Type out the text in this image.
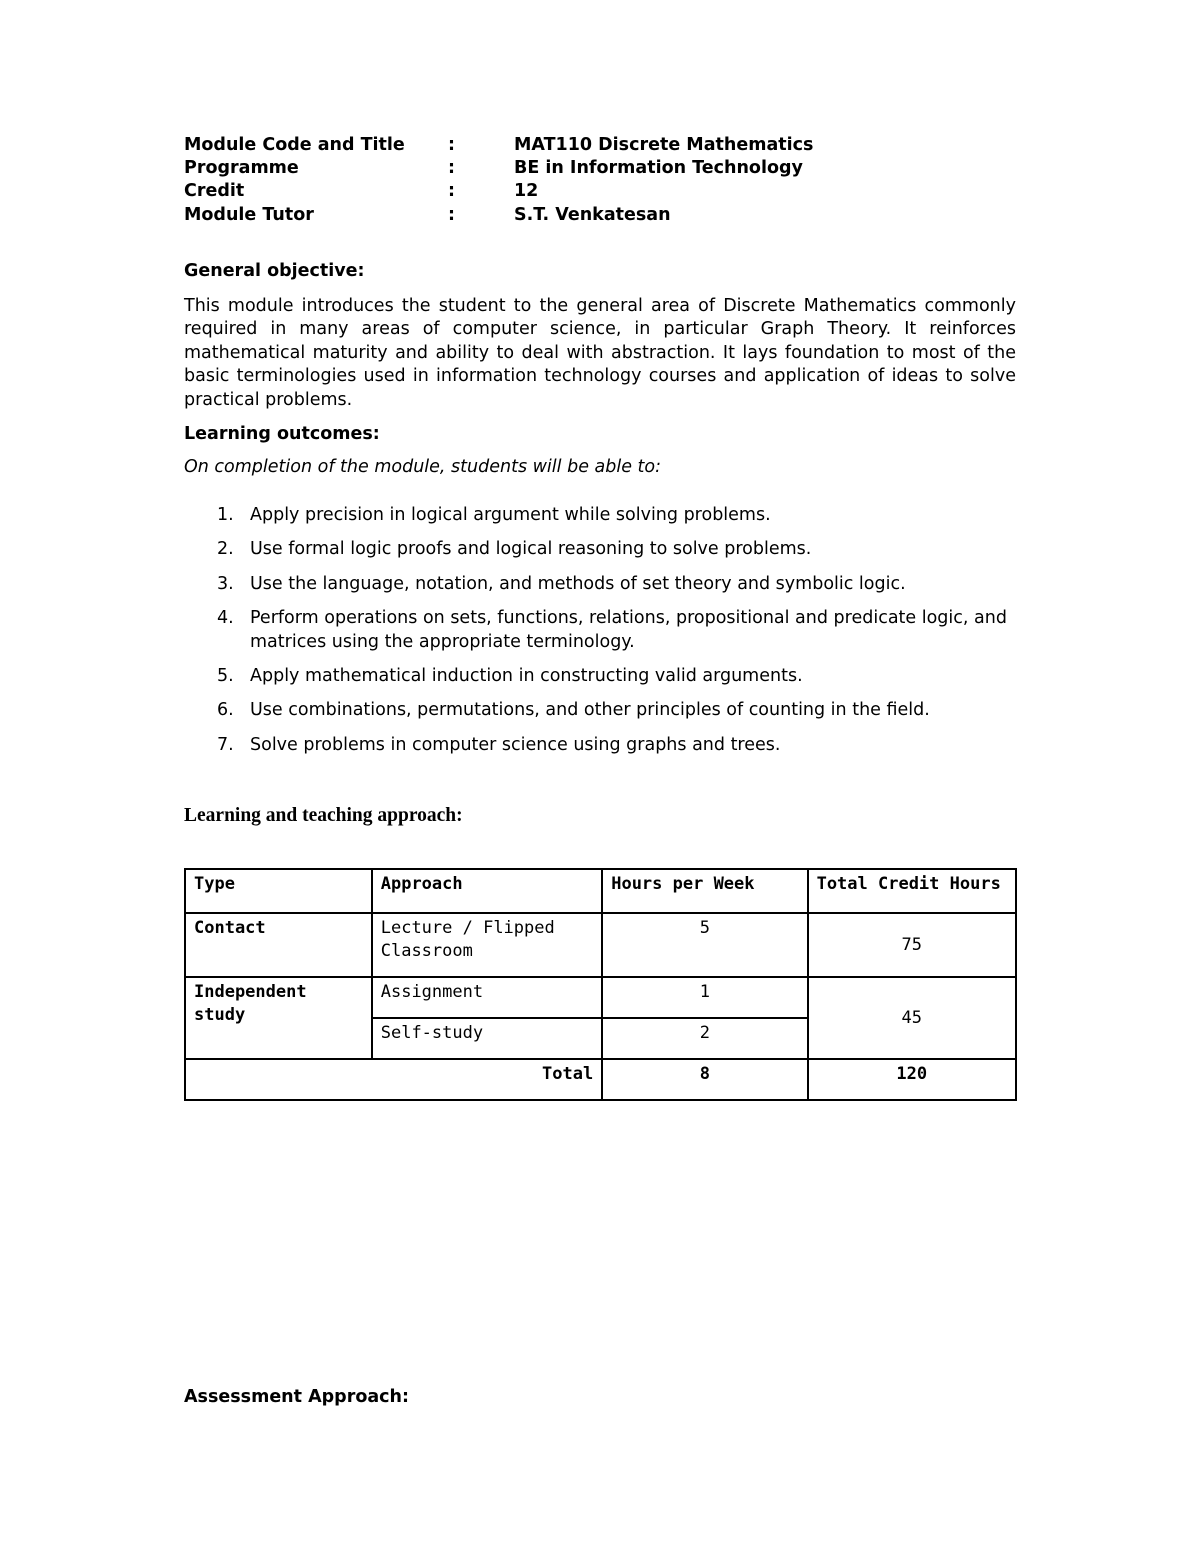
Module Code and Title :	MAT110 Discrete Mathematics
Programme	:	BE in Information Technology
Credit	:	12
Module Tutor	:	S.T. Venkatesan
General objective:
This module introduces the student to the general area of Discrete Mathematics commonly required in many areas of computer science, in particular Graph Theory. It reinforces mathematical maturity and ability to deal with abstraction. It lays foundation to most of the basic terminologies used in information technology courses and application of ideas to solve practical problems.
Learning outcomes:
On completion of the module, students will be able to:
1. Apply precision in logical argument while solving problems.
2. Use formal logic proofs and logical reasoning to solve problems.
3. Use the language, notation, and methods of set theory and symbolic logic.
4. Perform operations on sets, functions, relations, propositional and predicate logic, and matrices using the appropriate terminology.
5. Apply mathematical induction in constructing valid arguments.
6. Use combinations, permutations, and other principles of counting in the field.
7. Solve problems in computer science using graphs and trees.
Learning and teaching approach:
Type	Approach	Hours per Week	Total Credit Hours
Contact	Lecture / Flipped Classroom	5	75
Independent study	Assignment	1	45
	Self-study	2	
Total		8	120
Assessment Approach:
